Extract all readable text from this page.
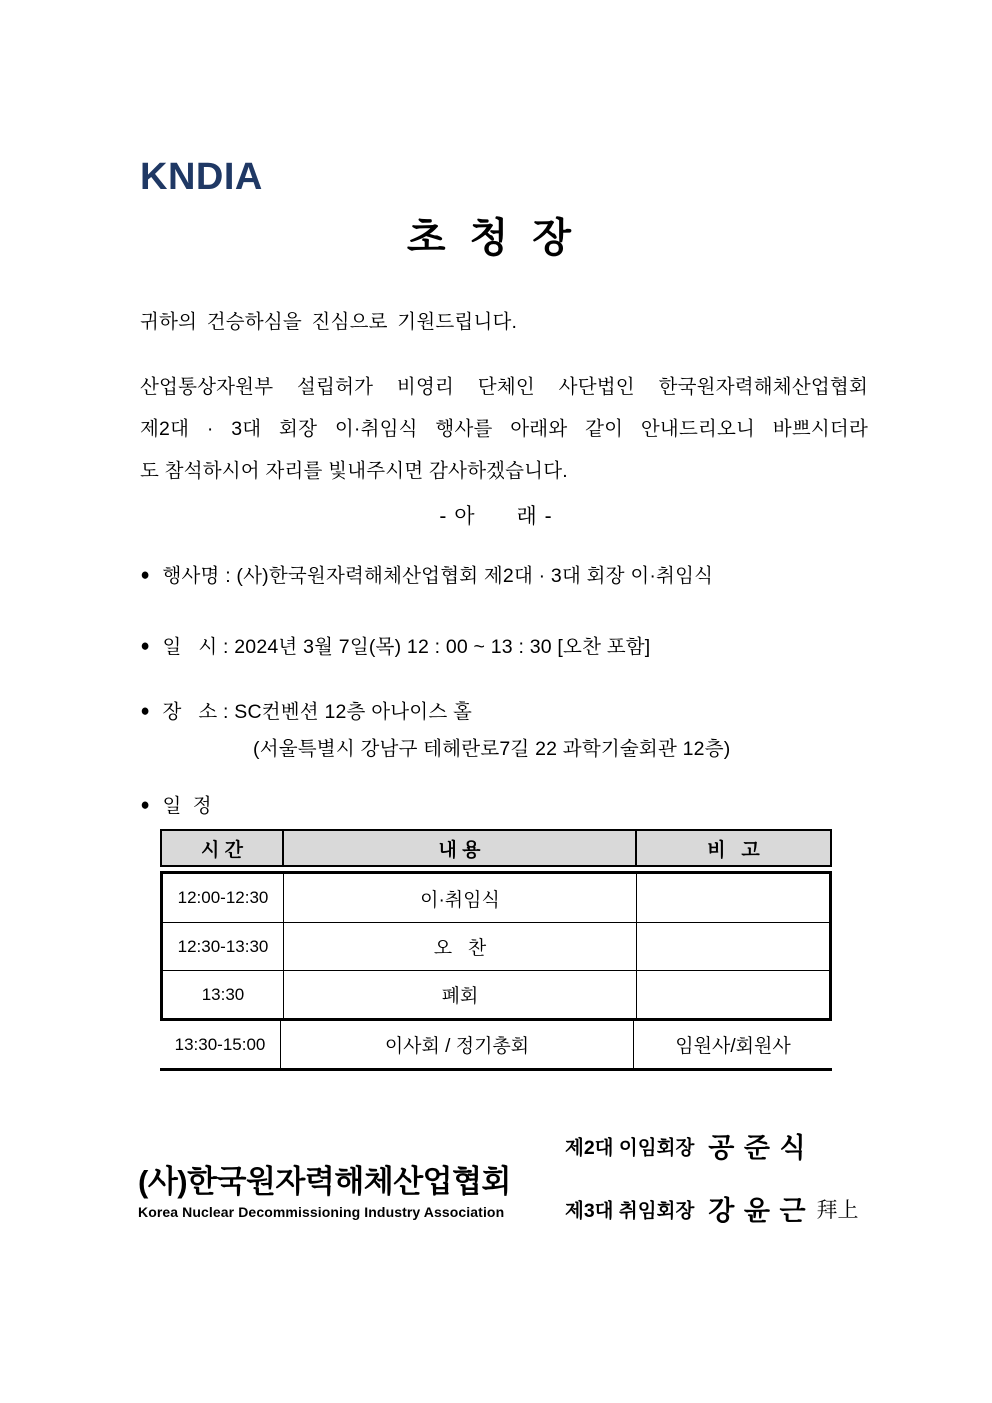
KNDIA
초 청 장
귀하의 건승하심을 진심으로 기원드립니다.
산업통상자원부 설립허가 비영리 단체인 사단법인 한국원자력해체산업협회
제2대 · 3대 회장 이·취임식 행사를 아래와 같이 안내드리오니 바쁘시더라
도 참석하시어 자리를 빛내주시면 감사하겠습니다.
- 아      래 -
● 행사명 : (사)한국원자력해체산업협회 제2대 · 3대 회장 이·취임식
● 일   시 : 2024년 3월 7일(목) 12 : 00 ~ 13 : 30 [오찬 포함]
● 장   소 : SC컨벤션 12층 아나이스 홀
(서울특별시 강남구 테헤란로7길 22 과학기술회관 12층)
● 일  정
시 간	내 용	비   고
12:00-12:30	이·취임식
12:30-13:30	오   찬
13:30	폐회
13:30-15:00	이사회 / 정기총회	임원사/회원사
(사)한국원자력해체산업협회
Korea Nuclear Decommissioning Industry Association
제2대 이임회장 공 준 식
제3대 취임회장 강 윤 근 拜上
